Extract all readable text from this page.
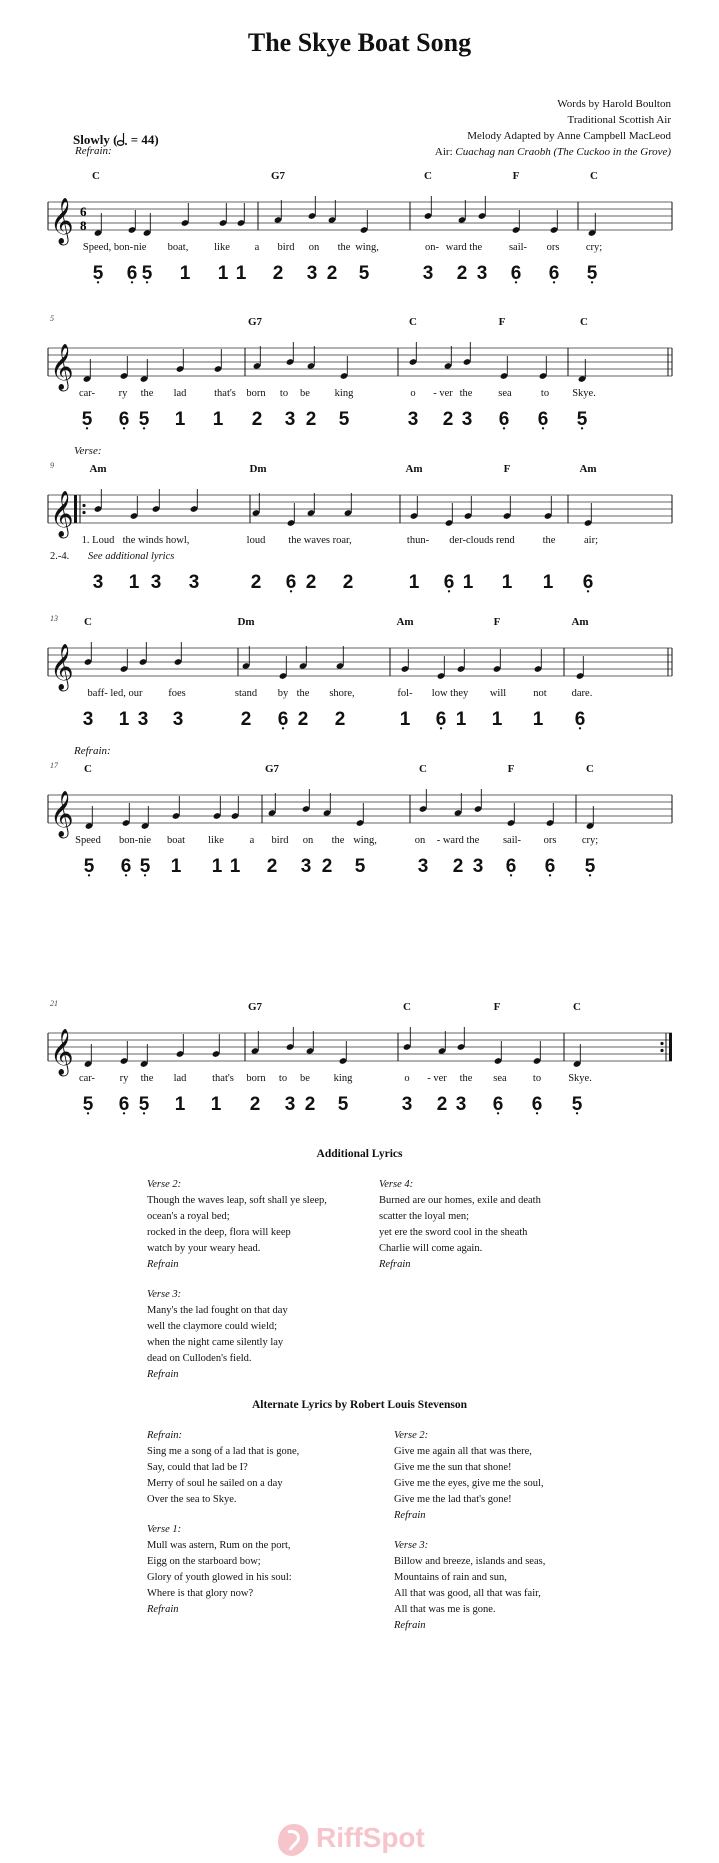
The Skye Boat Song
Words by Harold Boulton
Traditional Scottish Air
Melody Adapted by Anne Campbell MacLeod
Air: Cuachag nan Craobh (The Cuckoo in the Grove)
Slowly ( = 44)
Refrain:
C	G7	C	F	C
𝄞 6
8
Speed, bon- nie boat, like a bird on the wing,	on- ward the	sail- ors	cry;
5 • 6 • 5 • 1 1 1 2 3 2 5	3 2 3 6 • 6 • 5 •
5	G7	C	F	C
𝄞
car- ry the lad	that's born to be king	o - ver the sea	to Skye.
5 • 6 • 5 • 1 1 2 3 2 5	3 2 3 6 • 6 • 5 •
Verse:
9	Am	Dm	Am	F	Am
𝄞
1. Loud the winds howl,	loud the waves roar,	thun- der-clouds rend	the	air;
2.-4. See additional lyrics
3 1 3 3	2 6 • 2 2	1 6 • 1 1 1 6 •
13 C	Dm	Am	F	Am
𝄞
baff- led, our foes	stand by the shore,	fol- low they will	not dare.
3 1 3 3	2 6 • 2 2	1 6 • 1 1 1 6 •
Refrain:
17 C	G7	C	F	C
𝄞
Speed bon-nie boat like a bird on the wing,	on - ward the sail- ors cry;
5 • 6 • 5 • 1 1 1 2 3 2 5	3 2 3 6 • 6 • 5 •
21	G7	C	F	C
𝄞
car- ry the lad that's born to be king	o - ver the sea to	Skye.
5 • 6 • 5 • 1 1 2 3 2 5	3 2 3 6 • 6 • 5 •
Additional Lyrics
Verse 2:
Though the waves leap, soft shall ye sleep,
ocean's a royal bed;
rocked in the deep, flora will keep
watch by your weary head.
Refrain
Verse 3:
Many's the lad fought on that day
well the claymore could wield;
when the night came silently lay
dead on Culloden's field.
Refrain
Verse 4:
Burned are our homes, exile and death
scatter the loyal men;
yet ere the sword cool in the sheath
Charlie will come again.
Refrain
Alternate Lyrics by Robert Louis Stevenson
Refrain:
Sing me a song of a lad that is gone,
Say, could that lad be I?
Merry of soul he sailed on a day
Over the sea to Skye.
Verse 1:
Mull was astern, Rum on the port,
Eigg on the starboard bow;
Glory of youth glowed in his soul:
Where is that glory now?
Refrain
Verse 2:
Give me again all that was there,
Give me the sun that shone!
Give me the eyes, give me the soul,
Give me the lad that's gone!
Refrain
Verse 3:
Billow and breeze, islands and seas,
Mountains of rain and sun,
All that was good, all that was fair,
All that was me is gone.
Refrain
RiffSpot
